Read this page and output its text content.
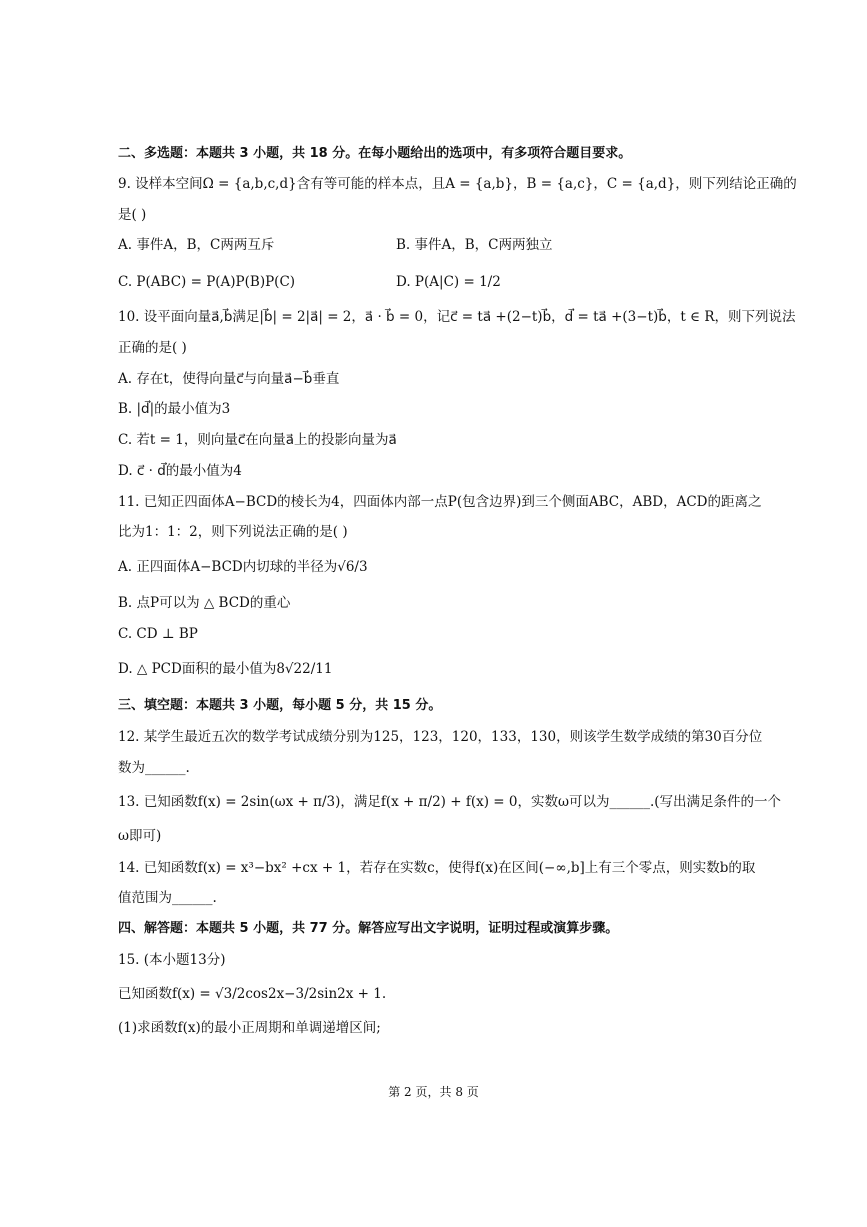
二、多选题：本题共 3 小题，共 18 分。在每小题给出的选项中，有多项符合题目要求。
9. 设样本空间Ω = {a,b,c,d}含有等可能的样本点，且A = {a,b}，B = {a,c}，C = {a,d}，则下列结论正确的
是( )
A. 事件A，B，C两两互斥
C. P(ABC) = P(A)P(B)P(C)
10. 设平面向量a⃗,b⃗满足|b⃗| = 2|a⃗| = 2，a⃗ · b⃗ = 0，记c⃗ = ta⃗ +(2−t)b⃗，d⃗ = ta⃗ +(3−t)b⃗，t ∈ R，则下列说法
正确的是( )
A. 存在t，使得向量c⃗与向量a⃗−b⃗垂直
B. |d⃗|的最小值为3
C. 若t = 1，则向量c⃗在向量a⃗上的投影向量为a⃗
D. c⃗ · d⃗的最小值为4
11. 已知正四面体A−BCD的棱长为4，四面体内部一点P(包含边界)到三个侧面ABC，ABD，ACD的距离之
比为1：1：2，则下列说法正确的是( )
A. 正四面体A−BCD内切球的半径为√6/3
B. 点P可以为 △ BCD的重心
C. CD ⊥ BP
D. △ PCD面积的最小值为8√22/11
三、填空题：本题共 3 小题，每小题 5 分，共 15 分。
12. 某学生最近五次的数学考试成绩分别为125，123，120，133，130，则该学生数学成绩的第30百分位
数为______.
13. 已知函数f(x) = 2sin(ωx + π/3)，满足f(x + π/2) + f(x) = 0，实数ω可以为______.(写出满足条件的一个
ω即可)
14. 已知函数f(x) = x³−bx² +cx + 1，若存在实数c，使得f(x)在区间(−∞,b]上有三个零点，则实数b的取
值范围为______.
四、解答题：本题共 5 小题，共 77 分。解答应写出文字说明，证明过程或演算步骤。
15. (本小题13分)
已知函数f(x) = √3/2cos2x−3/2sin2x + 1.
(1)求函数f(x)的最小正周期和单调递增区间;
B. 事件A，B，C两两独立
D. P(A|C) = 1/2
第 2 页，共 8 页
